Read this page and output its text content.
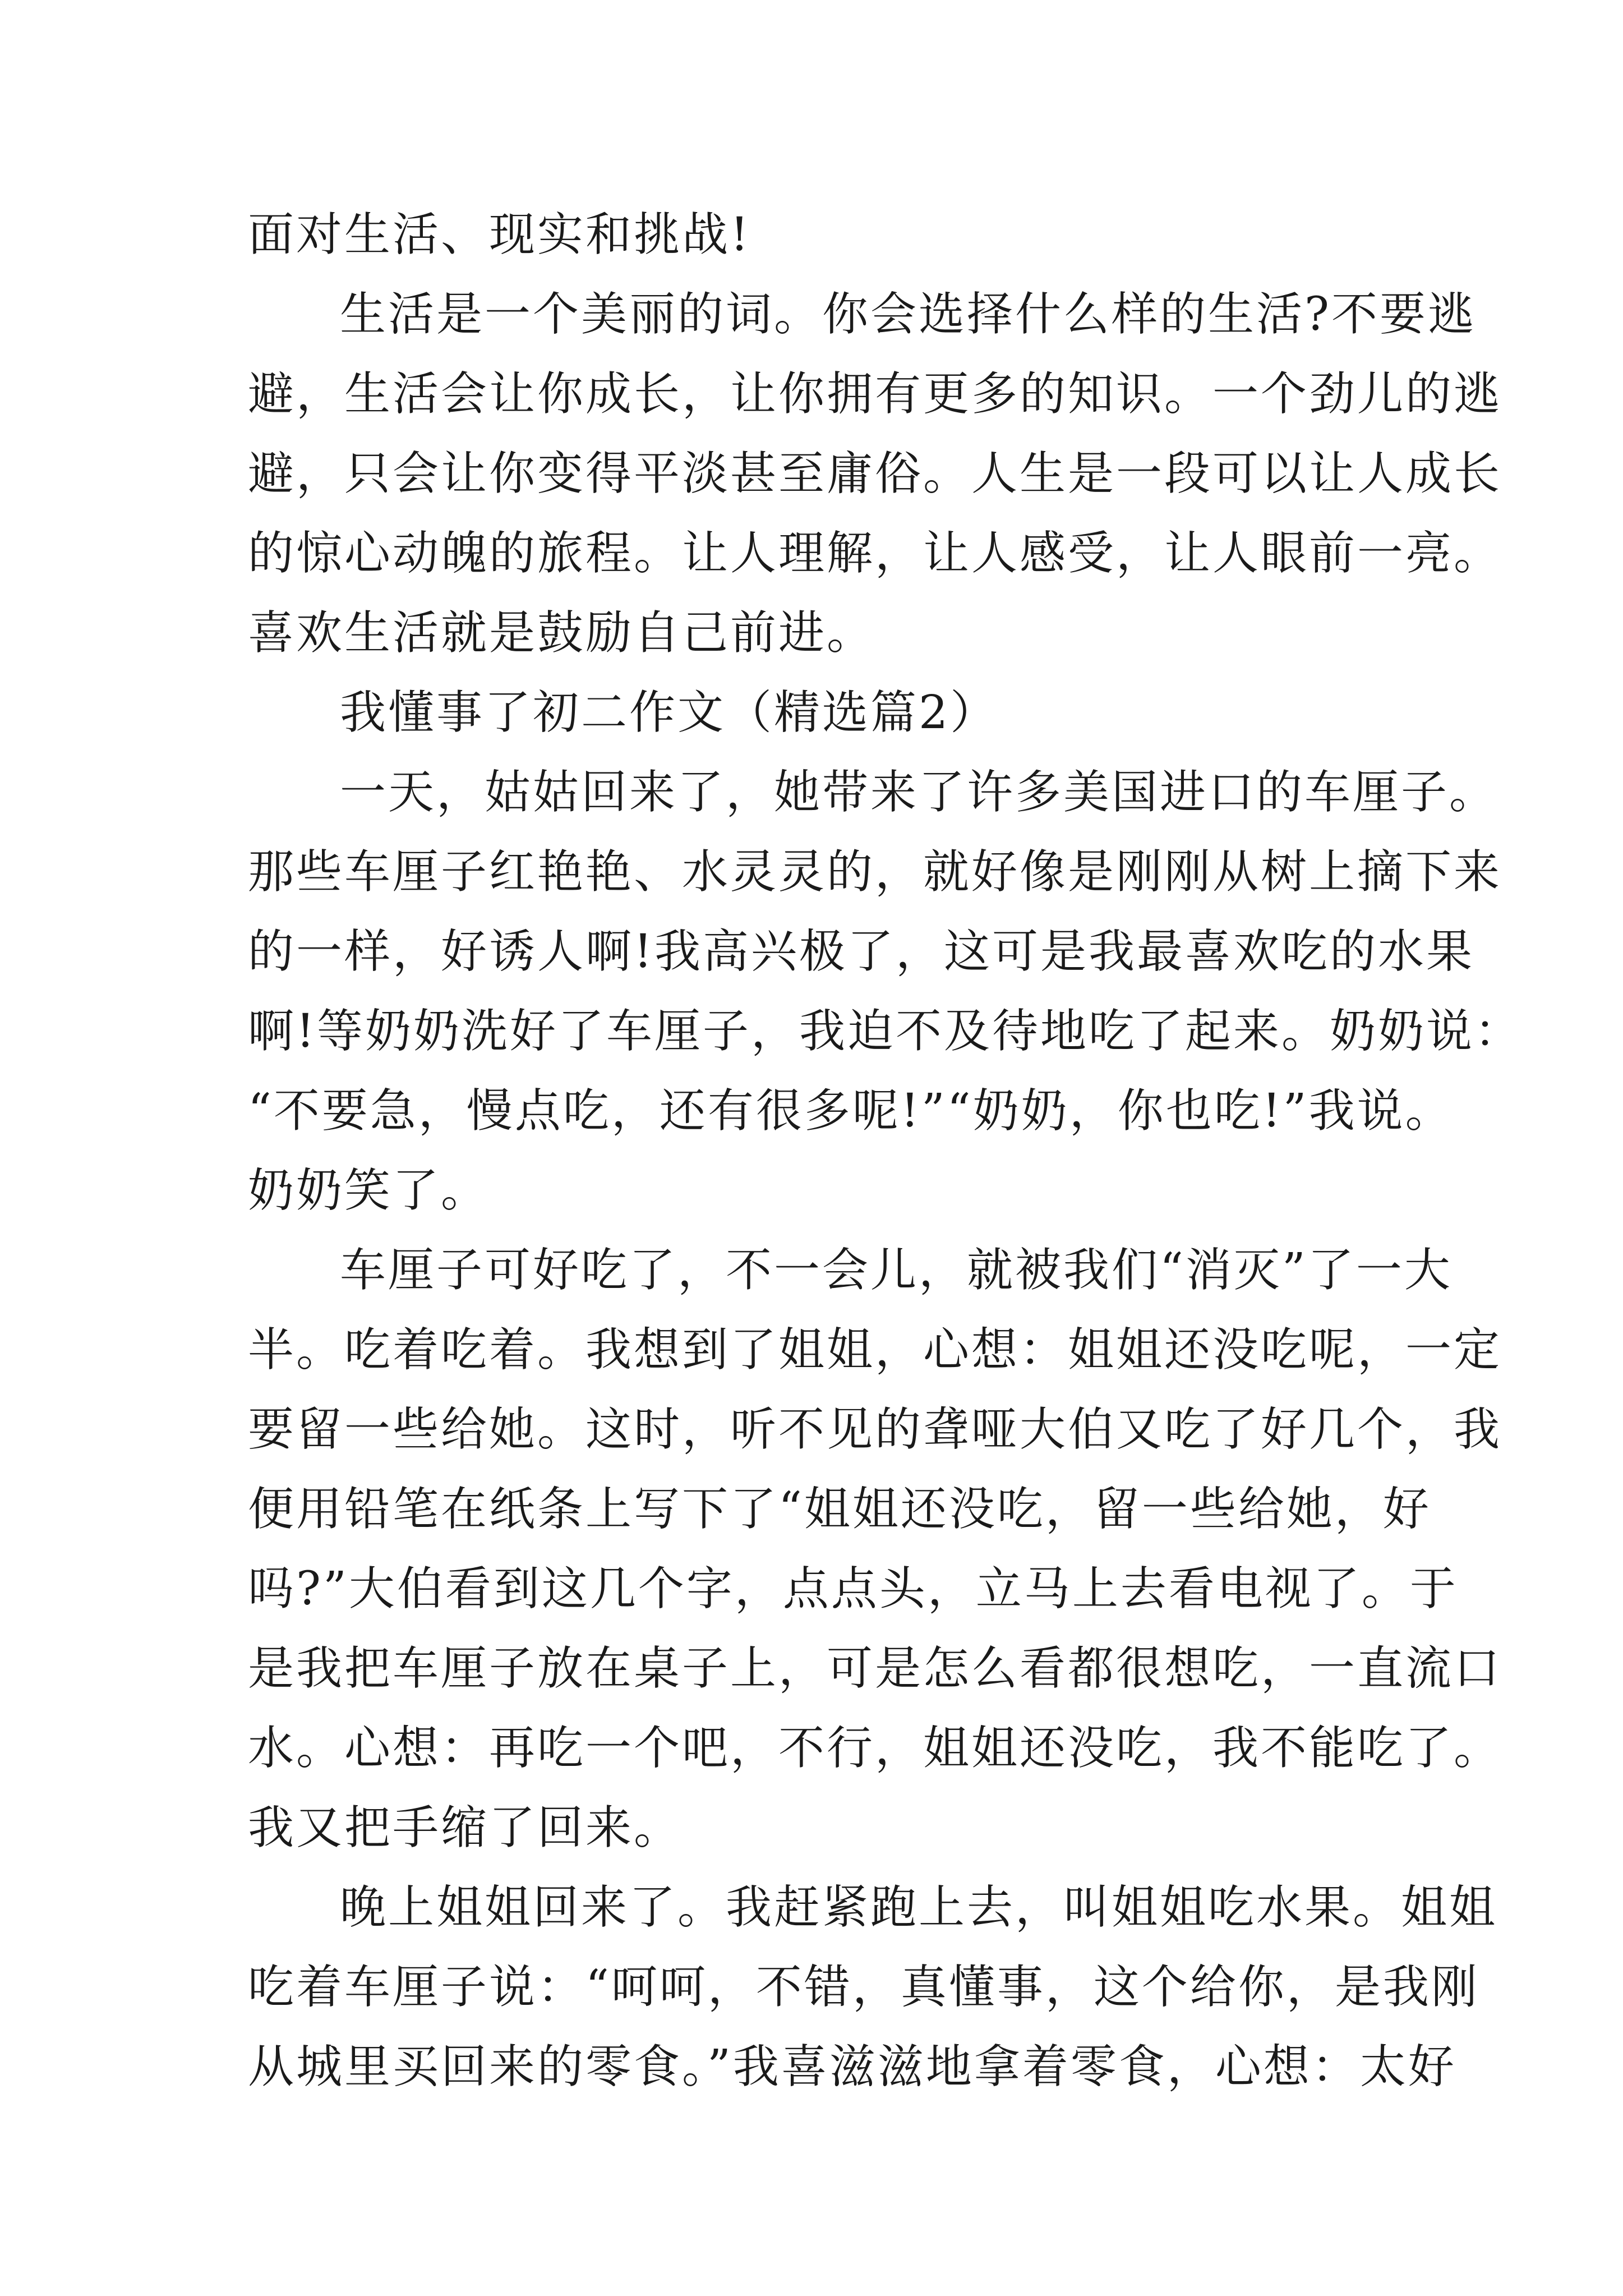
面对生活、现实和挑战!
生活是一个美丽的词。你会选择什么样的生活?不要逃
避，生活会让你成长，让你拥有更多的知识。一个劲儿的逃
避，只会让你变得平淡甚至庸俗。人生是一段可以让人成长
的惊心动魄的旅程。让人理解，让人感受，让人眼前一亮。
喜欢生活就是鼓励自己前进。
我懂事了初二作文（精选篇2）
一天，姑姑回来了，她带来了许多美国进口的车厘子。
那些车厘子红艳艳、水灵灵的，就好像是刚刚从树上摘下来
的一样，好诱人啊!我高兴极了，这可是我最喜欢吃的水果
啊!等奶奶洗好了车厘子，我迫不及待地吃了起来。奶奶说：
“不要急，慢点吃，还有很多呢!”“奶奶，你也吃!”我说。
奶奶笑了。
车厘子可好吃了，不一会儿，就被我们“消灭”了一大
半。吃着吃着。我想到了姐姐，心想：姐姐还没吃呢，一定
要留一些给她。这时，听不见的聋哑大伯又吃了好几个，我
便用铅笔在纸条上写下了“姐姐还没吃，留一些给她，好
吗?”大伯看到这几个字，点点头，立马上去看电视了。于
是我把车厘子放在桌子上，可是怎么看都很想吃，一直流口
水。心想：再吃一个吧，不行，姐姐还没吃，我不能吃了。
我又把手缩了回来。
晚上姐姐回来了。我赶紧跑上去，叫姐姐吃水果。姐姐
吃着车厘子说：“呵呵，不错，真懂事，这个给你，是我刚
从城里买回来的零食。”我喜滋滋地拿着零食，心想：太好
